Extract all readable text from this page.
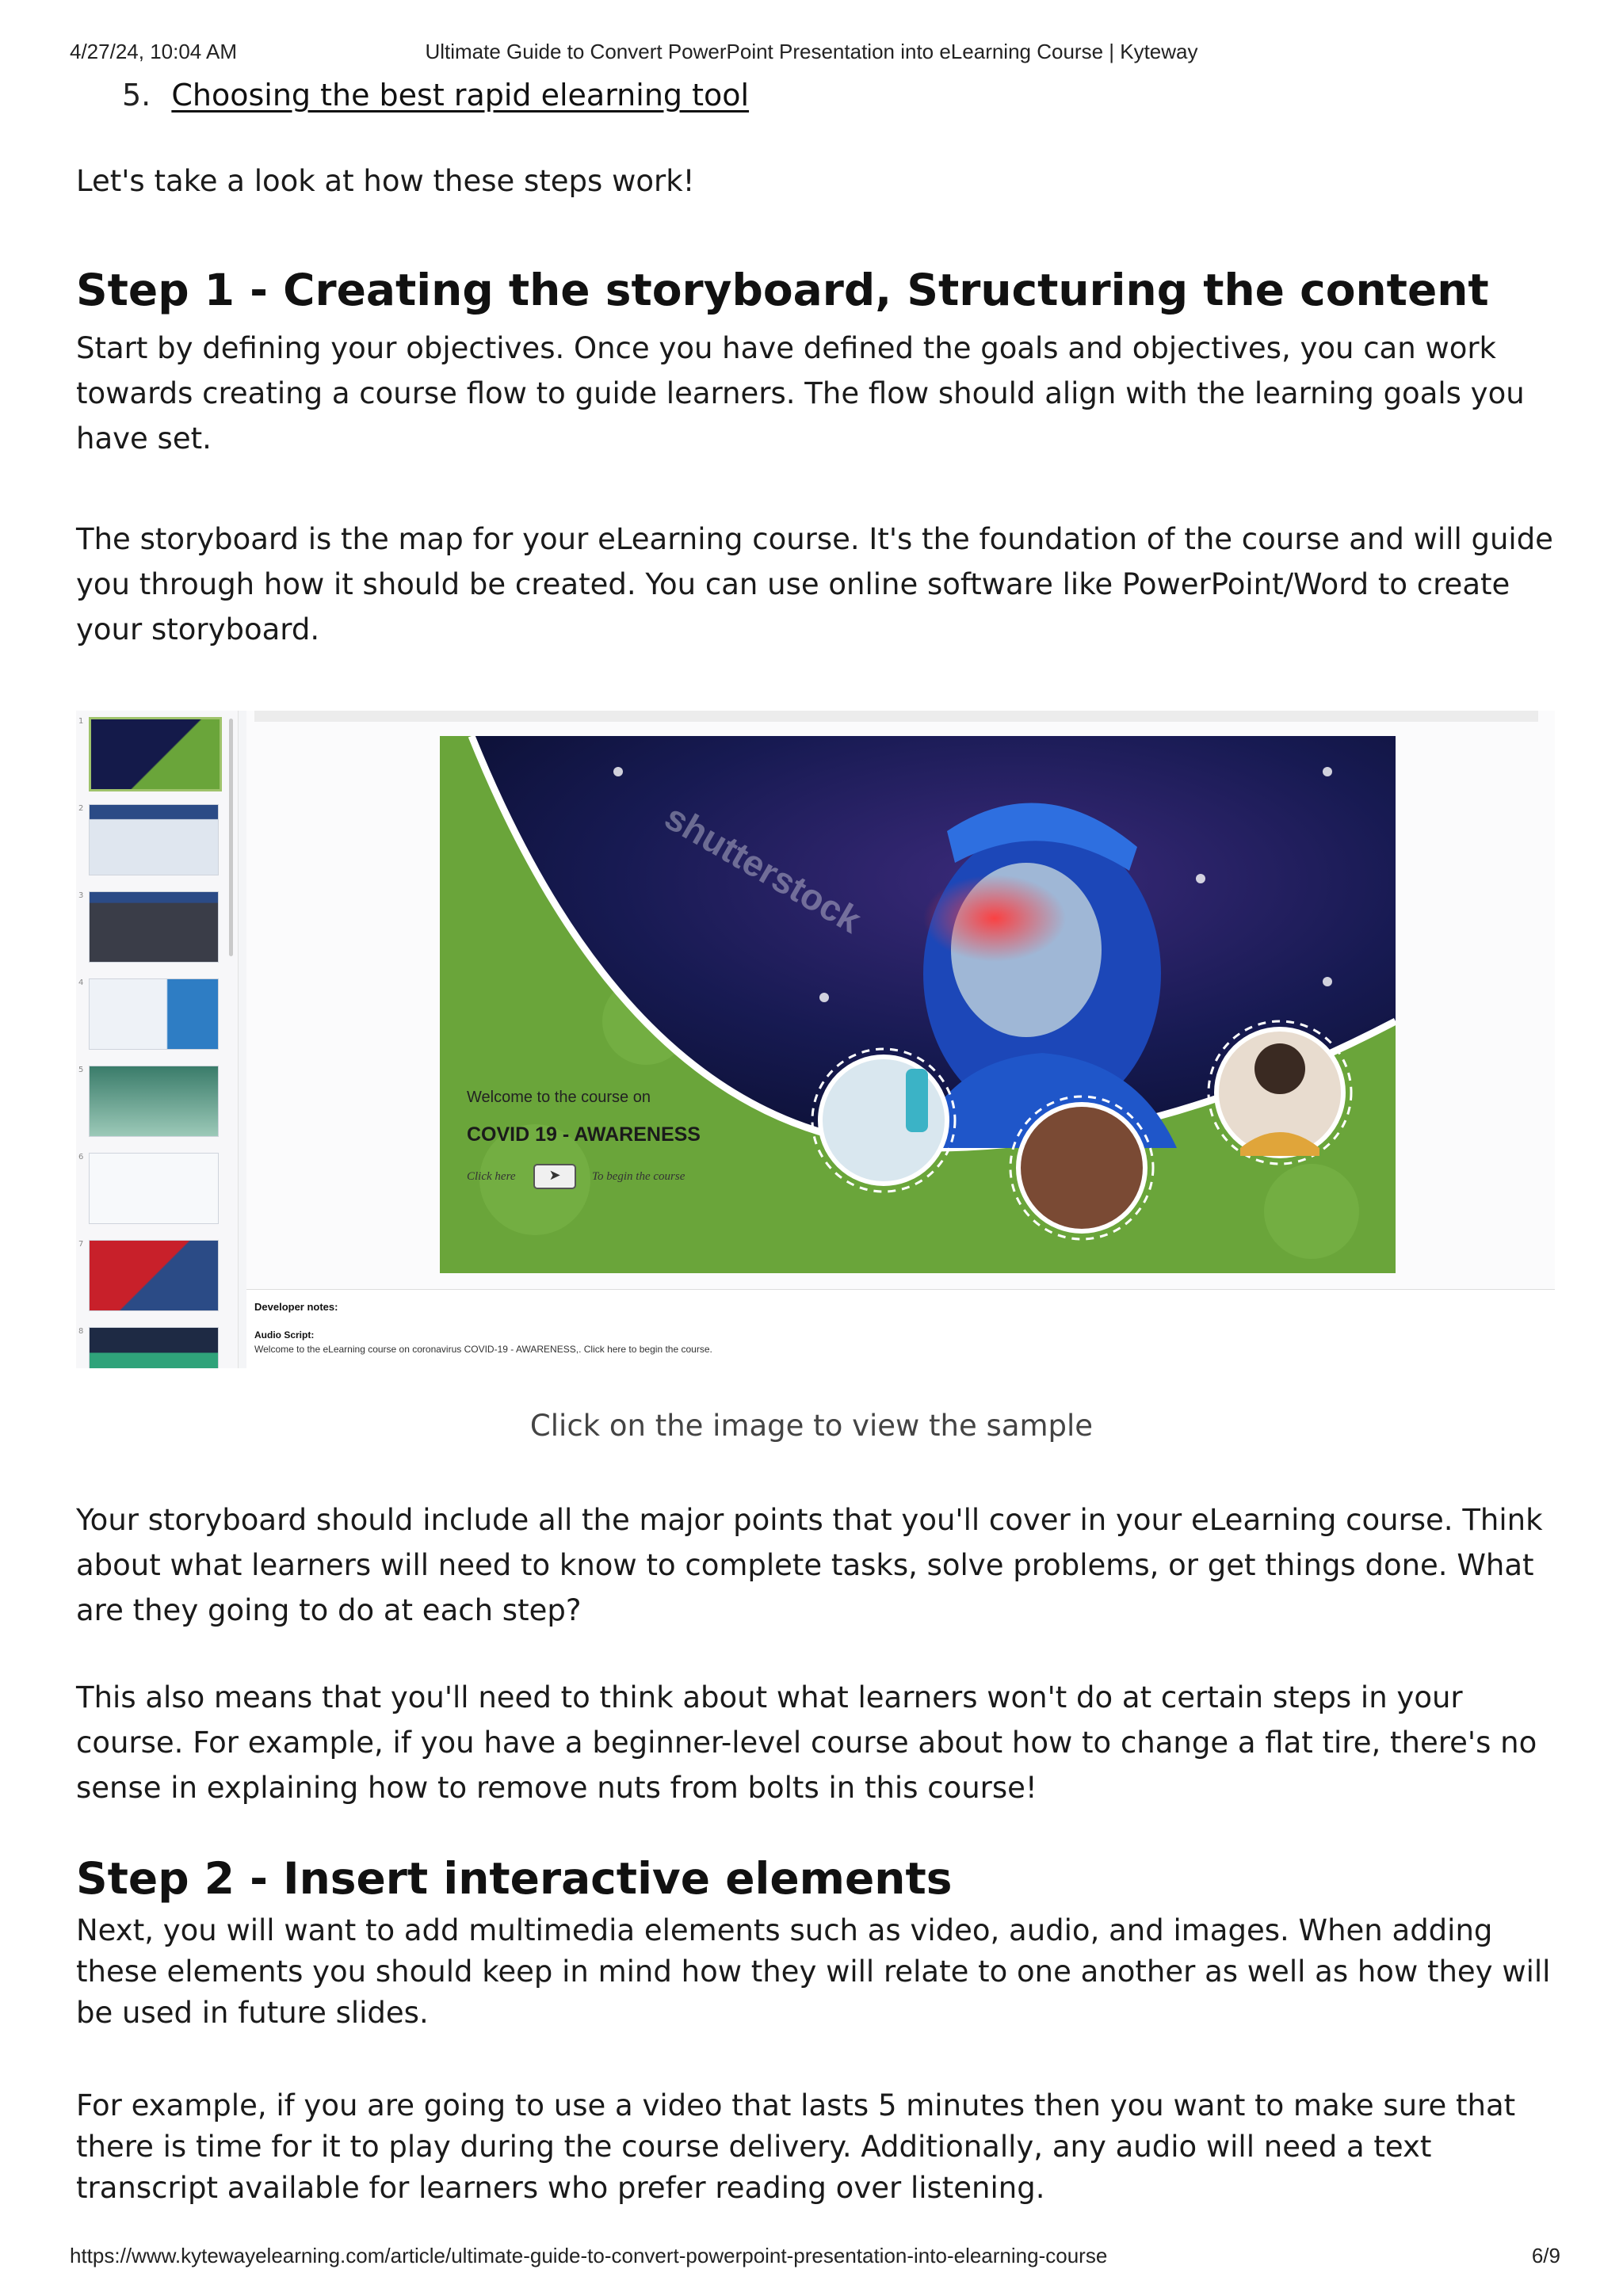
4/27/24, 10:04 AM	Ultimate Guide to Convert PowerPoint Presentation into eLearning Course | Kyteway
5. Choosing the best rapid elearning tool

Let's take a look at how these steps work!

Step 1 - Creating the storyboard, Structuring the content

Start by defining your objectives. Once you have defined the goals and objectives, you can work towards creating a course flow to guide learners. The flow should align with the learning goals you have set.

The storyboard is the map for your eLearning course. It's the foundation of the course and will guide you through how it should be created. You can use online software like PowerPoint/Word to create your storyboard.

1
2
3
4
5
6
7
8
shutterstock
Welcome to the course on
COVID 19 - AWARENESS
Click here	➤	To begin the course
Developer notes:
Audio Script:
Welcome to the eLearning course on coronavirus COVID-19 - AWARENESS,. Click here to begin the course.
Click on the image to view the sample

Your storyboard should include all the major points that you'll cover in your eLearning course. Think about what learners will need to know to complete tasks, solve problems, or get things done. What are they going to do at each step?

This also means that you'll need to think about what learners won't do at certain steps in your course. For example, if you have a beginner-level course about how to change a flat tire, there's no sense in explaining how to remove nuts from bolts in this course!

Step 2 - Insert interactive elements

Next, you will want to add multimedia elements such as video, audio, and images. When adding these elements you should keep in mind how they will relate to one another as well as how they will be used in future slides.

For example, if you are going to use a video that lasts 5 minutes then you want to make sure that there is time for it to play during the course delivery. Additionally, any audio will need a text transcript available for learners who prefer reading over listening.

https://www.kytewayelearning.com/article/ultimate-guide-to-convert-powerpoint-presentation-into-elearning-course	6/9
